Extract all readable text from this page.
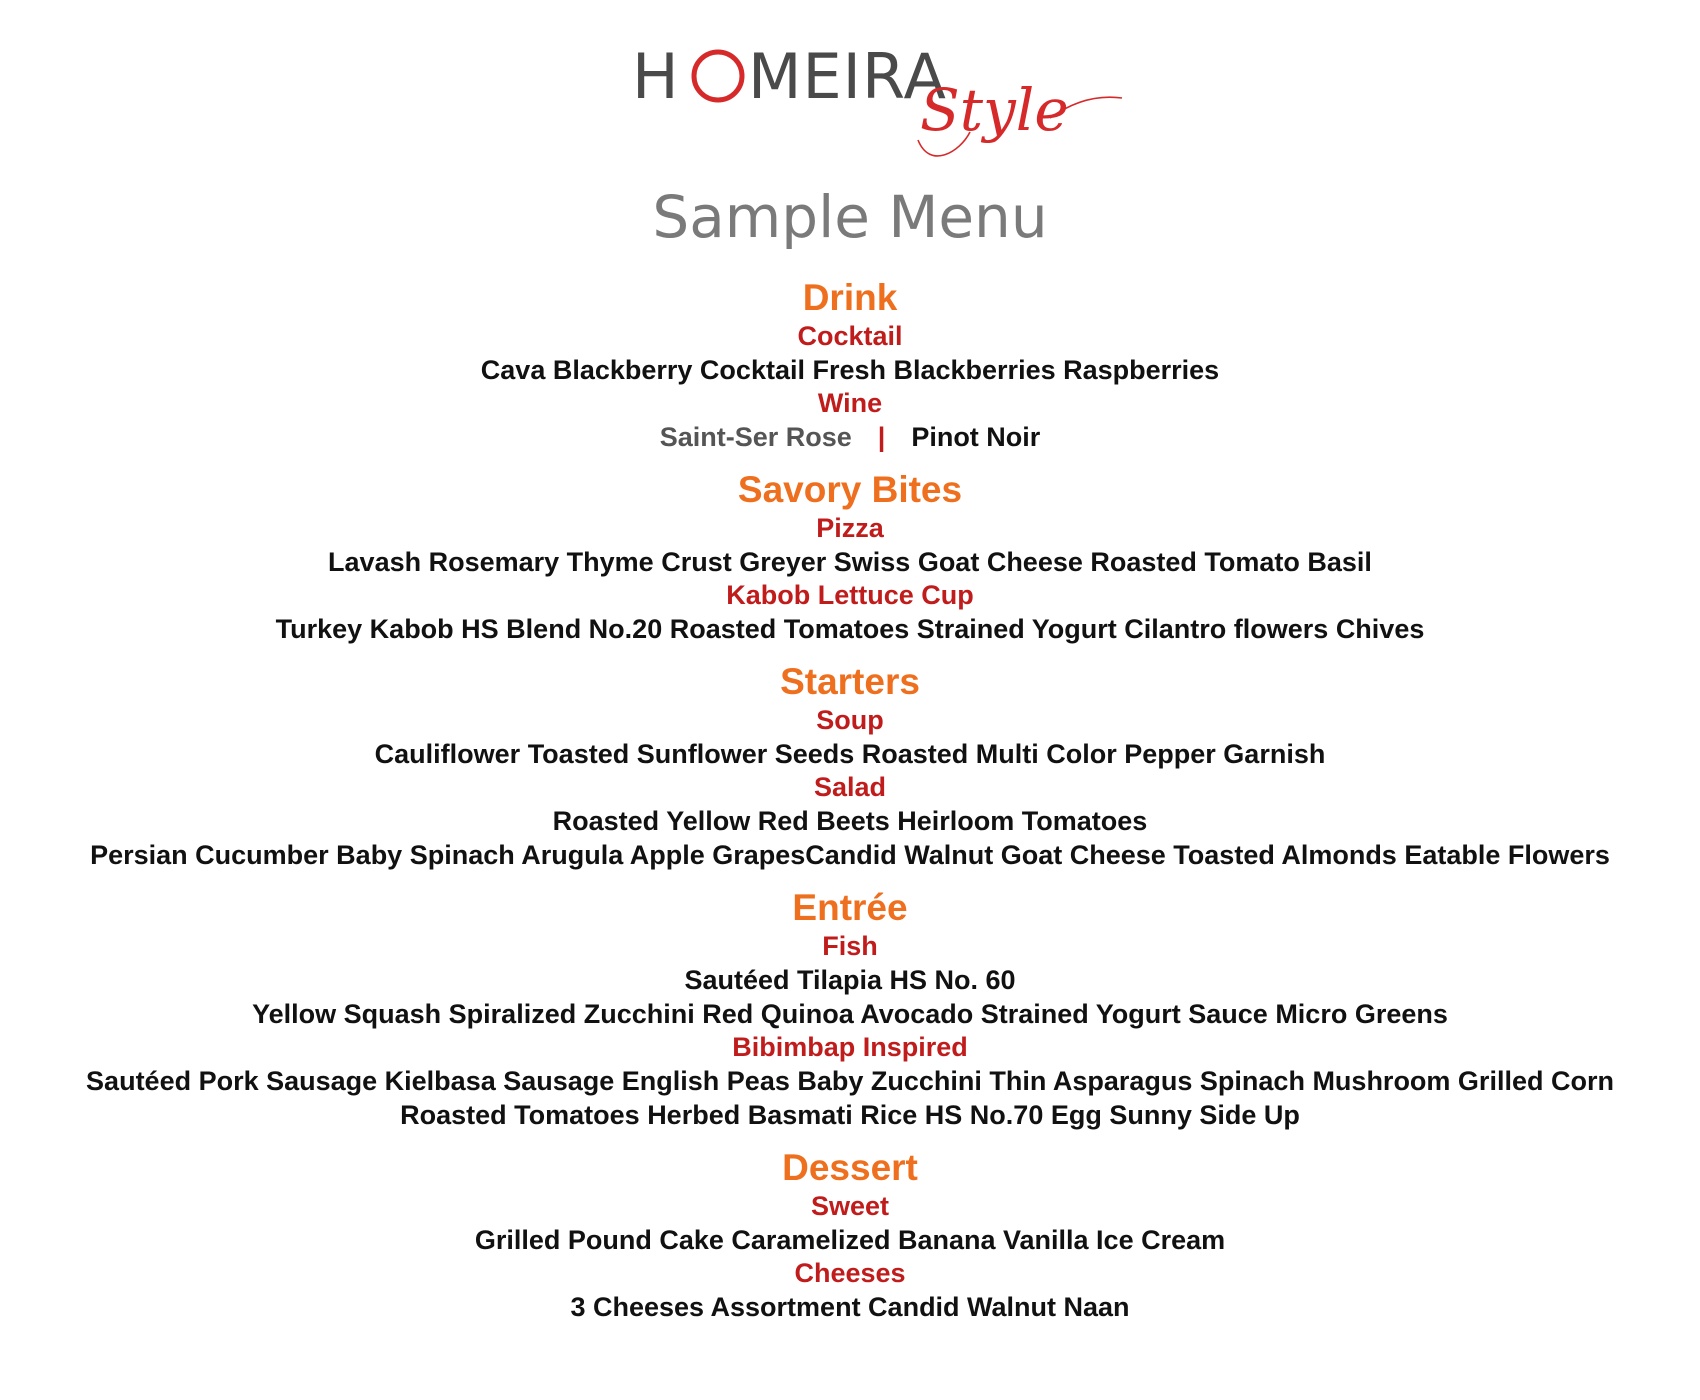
H MEIRA
Style
Sample Menu
Drink
Cocktail
Cava Blackberry Cocktail Fresh Blackberries Raspberries
Wine
Saint-Ser Rose | Pinot Noir
Savory Bites
Pizza
Lavash Rosemary Thyme Crust Greyer Swiss Goat Cheese Roasted Tomato Basil
Kabob Lettuce Cup
Turkey Kabob HS Blend No.20 Roasted Tomatoes Strained Yogurt Cilantro flowers Chives
Starters
Soup
Cauliflower Toasted Sunflower Seeds Roasted Multi Color Pepper Garnish
Salad
Roasted Yellow Red Beets Heirloom Tomatoes
Persian Cucumber Baby Spinach Arugula Apple GrapesCandid Walnut Goat Cheese Toasted Almonds Eatable Flowers
Entrée
Fish
Sautéed Tilapia HS No. 60
Yellow Squash Spiralized Zucchini Red Quinoa Avocado Strained Yogurt Sauce Micro Greens
Bibimbap Inspired
Sautéed Pork Sausage Kielbasa Sausage English Peas Baby Zucchini Thin Asparagus Spinach Mushroom Grilled Corn
Roasted Tomatoes Herbed Basmati Rice HS No.70 Egg Sunny Side Up
Dessert
Sweet
Grilled Pound Cake Caramelized Banana Vanilla Ice Cream
Cheeses
3 Cheeses Assortment Candid Walnut Naan
